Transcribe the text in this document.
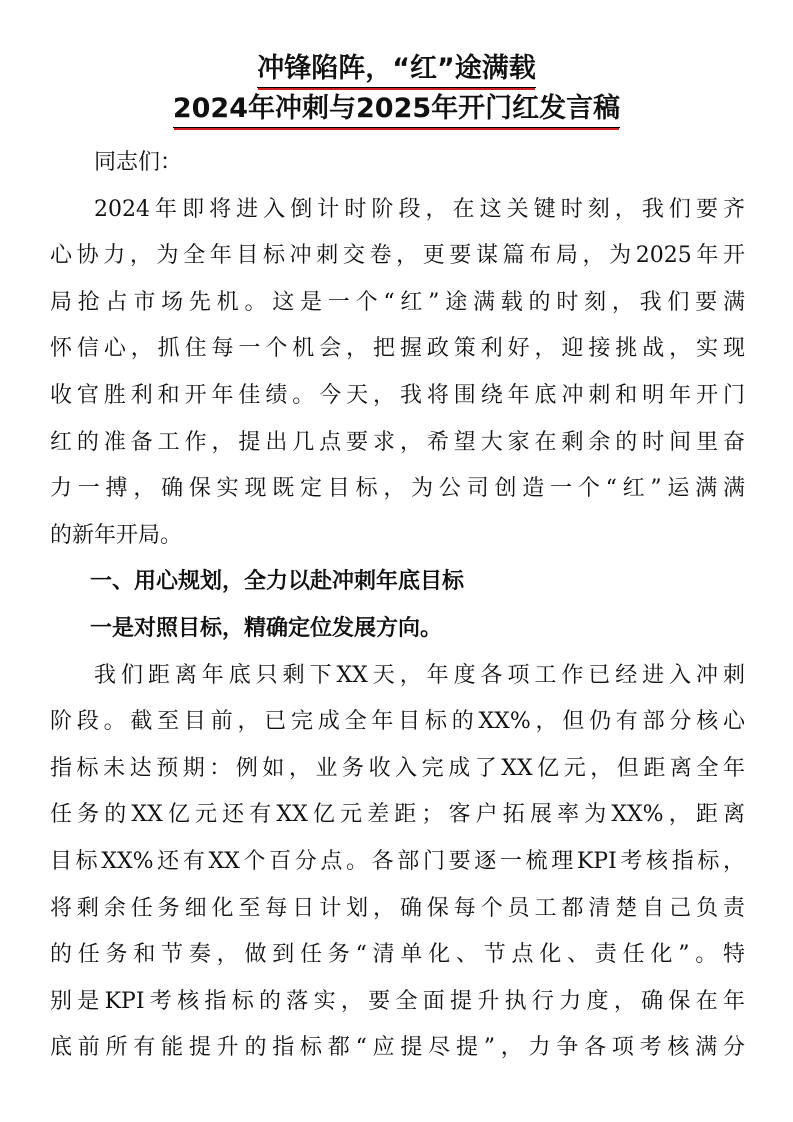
冲锋陷阵，“红”途满载
2024年冲刺与2025年开门红发言稿
同志们：
2024年即将进入倒计时阶段，在这关键时刻，我们要齐
心协力，为全年目标冲刺交卷，更要谋篇布局，为2025年开
局抢占市场先机。这是一个“红”途满载的时刻，我们要满
怀信心，抓住每一个机会，把握政策利好，迎接挑战，实现
收官胜利和开年佳绩。今天，我将围绕年底冲刺和明年开门
红的准备工作，提出几点要求，希望大家在剩余的时间里奋
力一搏，确保实现既定目标，为公司创造一个“红”运满满
的新年开局。
一、用心规划，全力以赴冲刺年底目标
一是对照目标，精确定位发展方向。
我们距离年底只剩下XX天，年度各项工作已经进入冲刺
阶段。截至目前，已完成全年目标的XX%，但仍有部分核心
指标未达预期：例如，业务收入完成了XX亿元，但距离全年
任务的XX亿元还有XX亿元差距；客户拓展率为XX%，距离
目标XX%还有XX个百分点。各部门要逐一梳理KPI考核指标，
将剩余任务细化至每日计划，确保每个员工都清楚自己负责
的任务和节奏，做到任务“清单化、节点化、责任化”。特
别是KPI考核指标的落实，要全面提升执行力度，确保在年
底前所有能提升的指标都“应提尽提”，力争各项考核满分
